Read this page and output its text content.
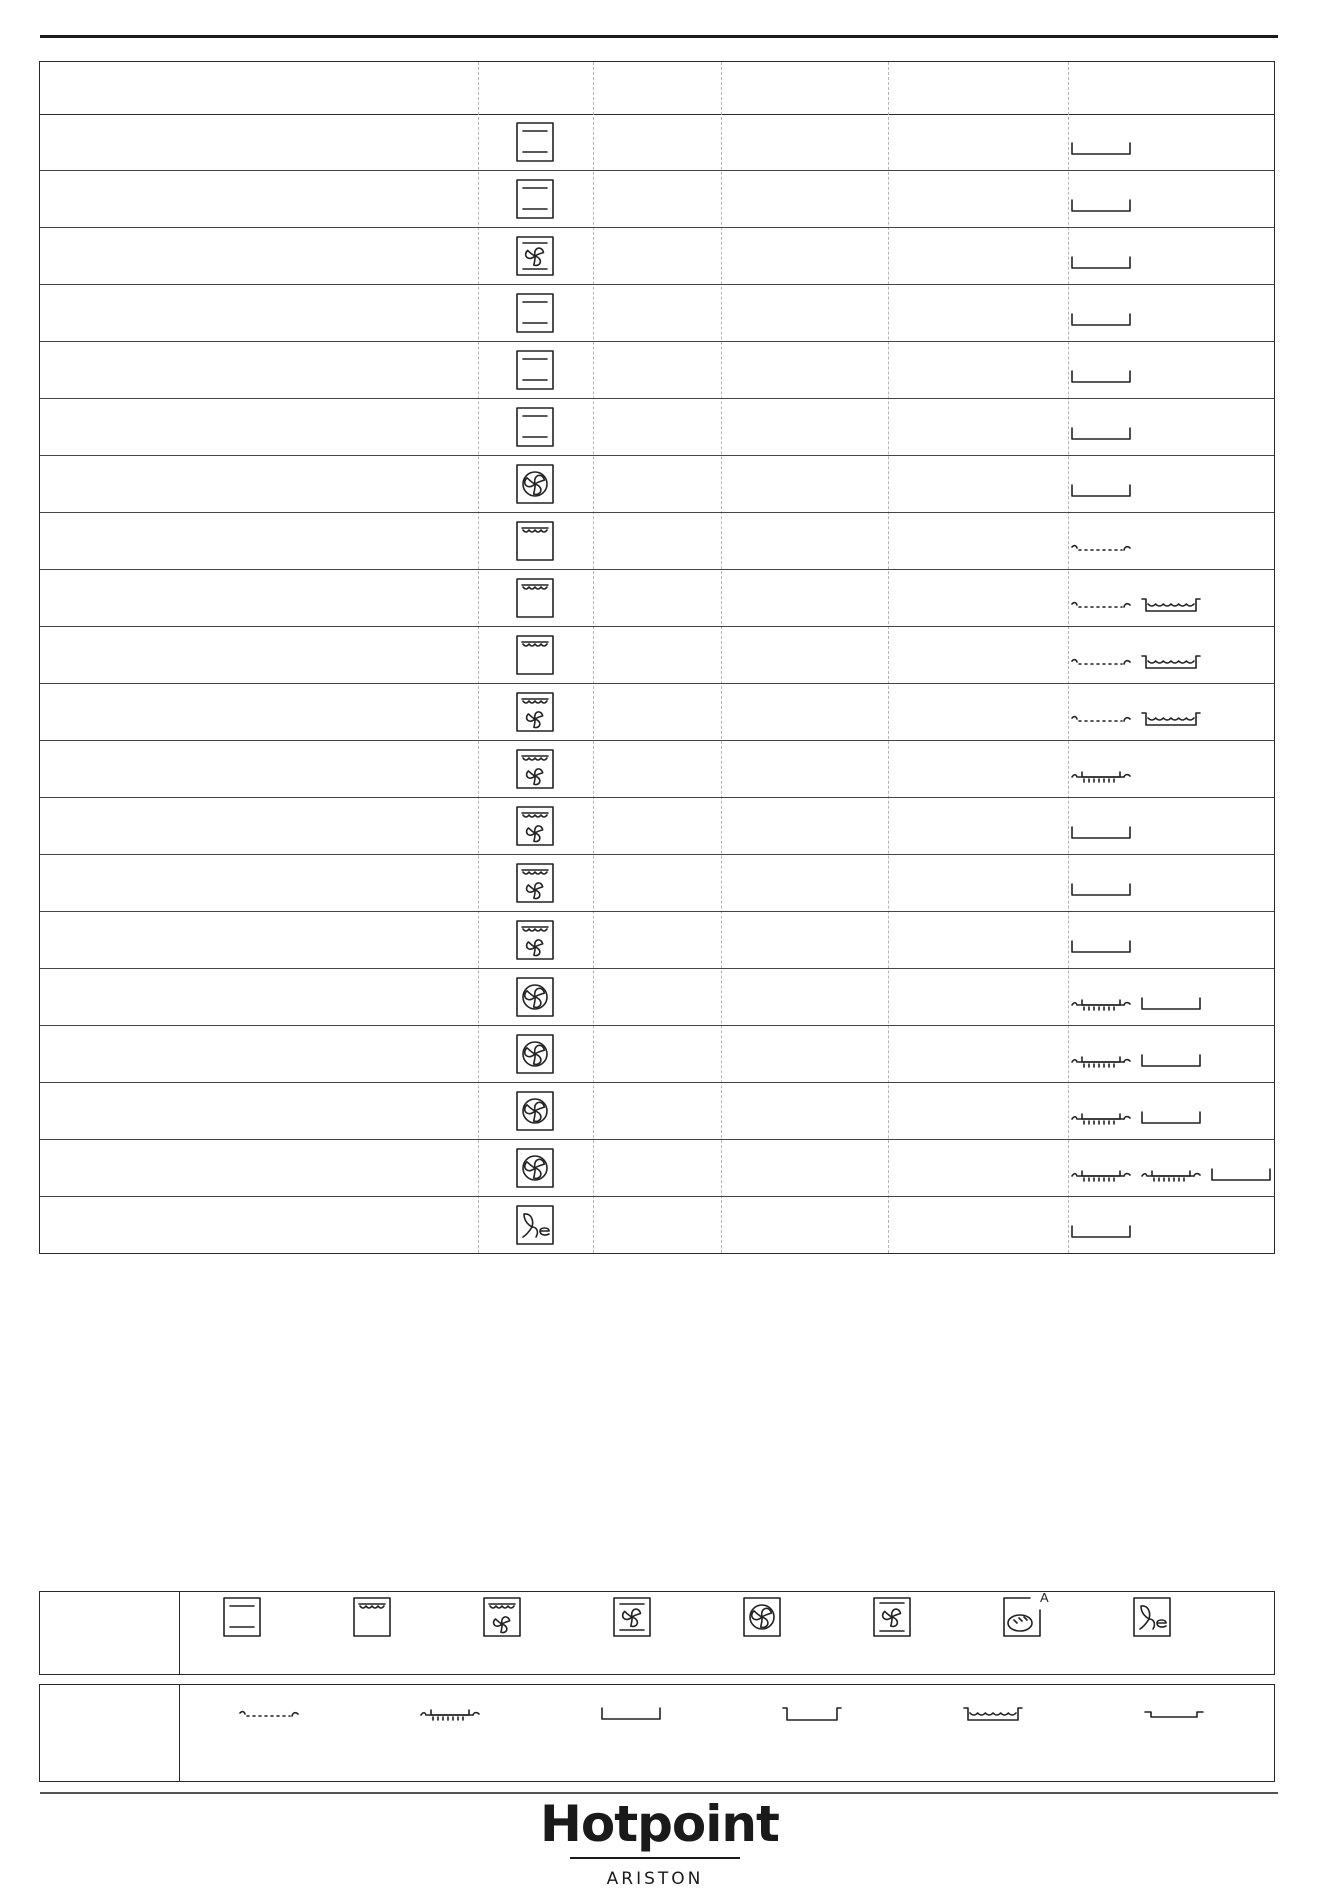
A
Hotpoint
ARISTON
